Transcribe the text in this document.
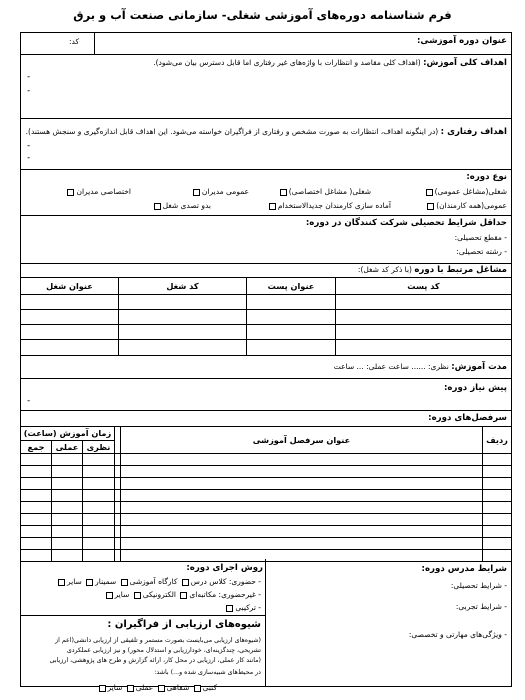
فرم شناسنامه دوره‌های آموزشی شغلی- سازمانی صنعت آب و برق
عنوان دوره آموزشی:
کد:
اهداف کلی آموزش: (اهداف کلی مقاصد و انتظارات با واژه‌های غیر رفتاری اما قابل دسترس بیان می‌شود).
-
-
اهداف رفتاری : (در اینگونه اهداف، انتظارات به صورت مشخص و رفتاری از فراگیران خواسته می‌شود. این اهداف قابل اندازه‌گیری و سنجش هستند).
-
-
نوع دوره:
شغلی(مشاغل عمومی)
شغلی( مشاغل اختصاصی)
عمومی مدیران
اختصاصی مدیران
عمومی(همه کارمندان)
آماده سازی کارمندان جدیدالاستخدام
بدو تصدی شغل
حداقل شرایط تحصیلی شرکت کنندگان در دوره:
- مقطع تحصیلی:
- رشته تحصیلی:
مشاغل مرتبط با دوره (با ذکر کد شغل):
کد پست	عنوان پست	کد شغل	عنوان شغل

مدت آموزش: نظری: ...... ساعت عملی: ... ساعت
پیش نیاز دوره:
-
سرفصل‌های دوره:
ردیف	عنوان سرفصل آموزشی		زمان آموزش (ساعت)		
			نظری	عملی	جمع

شرایط مدرس دوره:
- شرایط تحصیلی:
- شرایط تجربی:
- ویژگی‌های مهارتی و تخصصی:
روش اجرای دوره:
- حضوری: کلاس درس کارگاه آموزشی سمینار سایر
- غیرحضوری: مکاتبه‌ای الکترونیکی سایر
- ترکیبی
شیوه‌های ارزیابی از فراگیران :
(شیوه‌های ارزیابی می‌بایست بصورت مستمر و تلفیقی از ارزیابی دانشی(اعم از
تشریحی، چندگزینه‌ای، خودارزیابی و استدلال محور) و نیز ارزیابی عملکردی
(مانند کار عملی، ارزیابی در محل کار، ارائه گزارش و طرح های پژوهشی، ارزیابی
در محیط‌های شبیه‌سازی شده و...) باشد:
کتبی شفاهی عملی سایر
